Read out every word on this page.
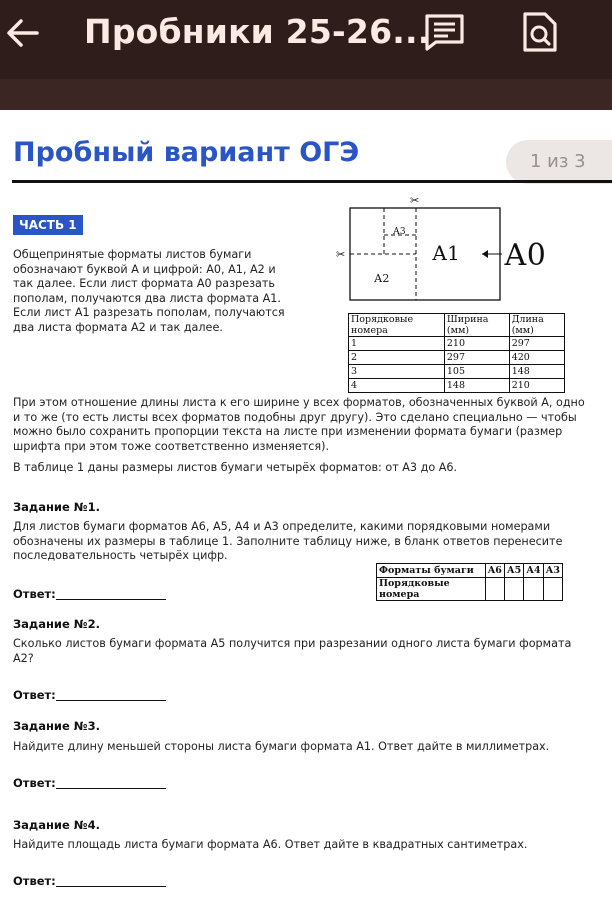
Пробники 25-26...
Пробный вариант ОГЭ	1 из 3
ЧАСТЬ 1
Общепринятые форматы листов бумаги обозначают буквой А и цифрой: А0, А1, А2 и так далее. Если лист формата А0 разрезать пополам, получаются два листа формата А1. Если лист А1 разрезать пополам, получаются два листа формата А2 и так далее.
✂
✂
А3
А2
А1 А0
Порядковые номера	Ширина (мм)	Длина (мм)
1	210	297
2	297	420
3	105	148
4	148	210
При этом отношение длины листа к его ширине у всех форматов, обозначенных буквой А, одно и то же (то есть листы всех форматов подобны друг другу). Это сделано специально — чтобы можно было сохранить пропорции текста на листе при изменении формата бумаги (размер шрифта при этом тоже соответственно изменяется).
В таблице 1 даны размеры листов бумаги четырёх форматов: от А3 до А6.
Задание №1.
Для листов бумаги форматов А6, А5, А4 и А3 определите, какими порядковыми номерами обозначены их размеры в таблице 1. Заполните таблицу ниже, в бланк ответов перенесите последовательность четырёх цифр.
Форматы бумаги	А6	А5	А4	А3
Порядковые номера				
Ответ:
Задание №2.
Сколько листов бумаги формата А5 получится при разрезании одного листа бумаги формата А2?
Ответ:
Задание №3.
Найдите длину меньшей стороны листа бумаги формата А1. Ответ дайте в миллиметрах.
Ответ:
Задание №4.
Найдите площадь листа бумаги формата А6. Ответ дайте в квадратных сантиметрах.
Ответ:
